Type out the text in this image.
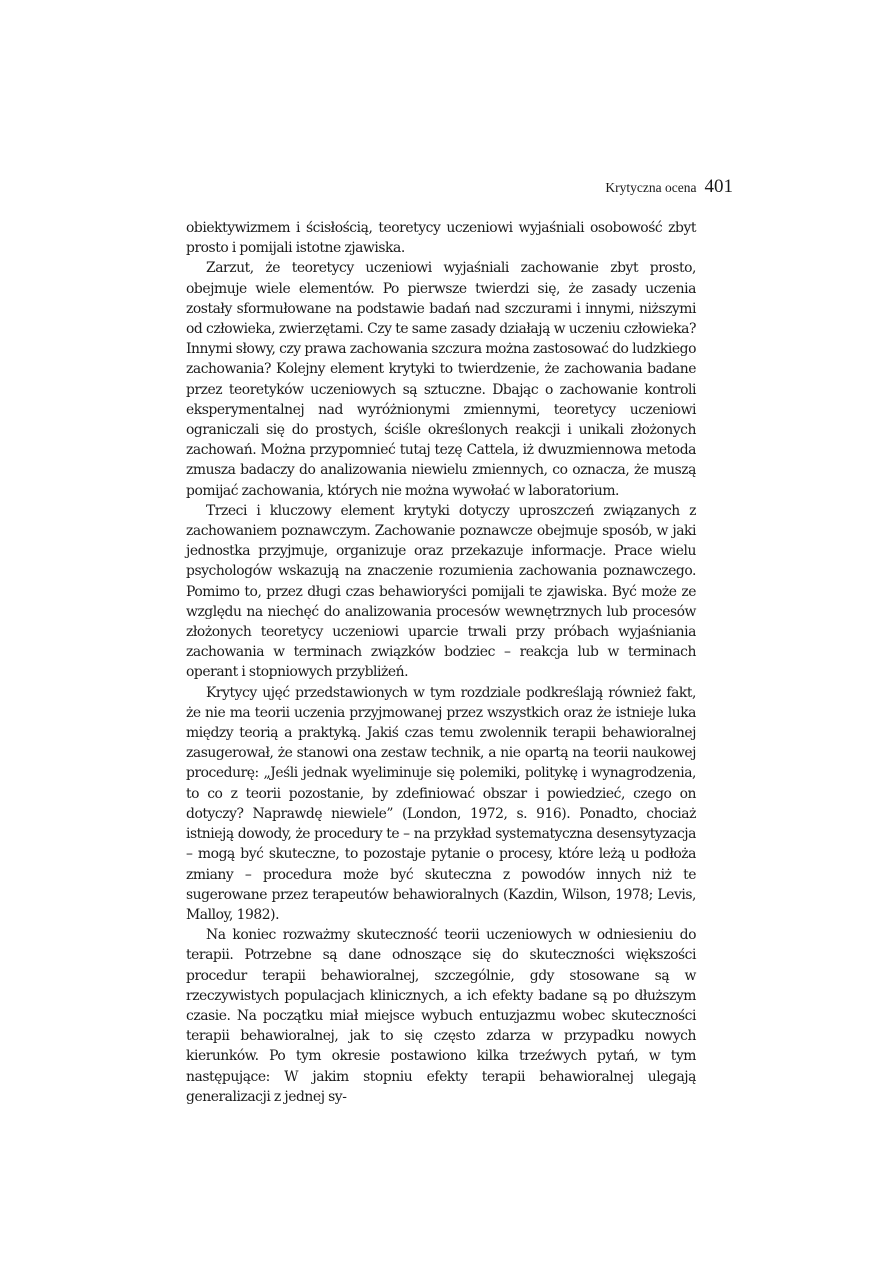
Krytyczna ocena 401

obiektywizmem i ścisłością, teoretycy uczeniowi wyjaśniali osobowość zbyt prosto i pomijali istotne zjawiska.

Zarzut, że teoretycy uczeniowi wyjaśniali zachowanie zbyt prosto, obejmuje wiele elementów. Po pierwsze twierdzi się, że zasady uczenia zostały sformułowane na podstawie badań nad szczurami i innymi, niższymi od człowieka, zwierzętami. Czy te same zasady działają w uczeniu człowieka? Innymi słowy, czy prawa zachowania szczura można zastosować do ludzkiego zachowania? Kolejny element krytyki to twierdzenie, że zachowania badane przez teoretyków uczeniowych są sztuczne. Dbając o zachowanie kontroli eksperymentalnej nad wyróżnionymi zmiennymi, teoretycy uczeniowi ograniczali się do prostych, ściśle określonych reakcji i unikali złożonych zachowań. Można przypomnieć tutaj tezę Cattela, iż dwuzmiennowa metoda zmusza badaczy do analizowania niewielu zmiennych, co oznacza, że muszą pomijać zachowania, których nie można wywołać w laboratorium.

Trzeci i kluczowy element krytyki dotyczy uproszczeń związanych z zachowaniem poznawczym. Zachowanie poznawcze obejmuje sposób, w jaki jednostka przyjmuje, organizuje oraz przekazuje informacje. Prace wielu psychologów wskazują na znaczenie rozumienia zachowania poznawczego. Pomimo to, przez długi czas behawioryści pomijali te zjawiska. Być może ze względu na niechęć do analizowania procesów wewnętrznych lub procesów złożonych teoretycy uczeniowi uparcie trwali przy próbach wyjaśniania zachowania w terminach związków bodziec – reakcja lub w terminach operant i stopniowych przybliżeń.

Krytycy ujęć przedstawionych w tym rozdziale podkreślają również fakt, że nie ma teorii uczenia przyjmowanej przez wszystkich oraz że istnieje luka między teorią a praktyką. Jakiś czas temu zwolennik terapii behawioralnej zasugerował, że stanowi ona zestaw technik, a nie opartą na teorii naukowej procedurę: „Jeśli jednak wyeliminuje się polemiki, politykę i wynagrodzenia, to co z teorii pozostanie, by zdefiniować obszar i powiedzieć, czego on dotyczy? Naprawdę niewiele” (London, 1972, s. 916). Ponadto, chociaż istnieją dowody, że procedury te – na przykład systematyczna desensytyzacja – mogą być skuteczne, to pozostaje pytanie o procesy, które leżą u podłoża zmiany – procedura może być skuteczna z powodów innych niż te sugerowane przez terapeutów behawioralnych (Kazdin, Wilson, 1978; Levis, Malloy, 1982).

Na koniec rozważmy skuteczność teorii uczeniowych w odniesieniu do terapii. Potrzebne są dane odnoszące się do skuteczności większości procedur terapii behawioralnej, szczególnie, gdy stosowane są w rzeczywistych populacjach klinicznych, a ich efekty badane są po dłuższym czasie. Na początku miał miejsce wybuch entuzjazmu wobec skuteczności terapii behawioralnej, jak to się często zdarza w przypadku nowych kierunków. Po tym okresie postawiono kilka trzeźwych pytań, w tym następujące: W jakim stopniu efekty terapii behawioralnej ulegają generalizacji z jednej sy-
